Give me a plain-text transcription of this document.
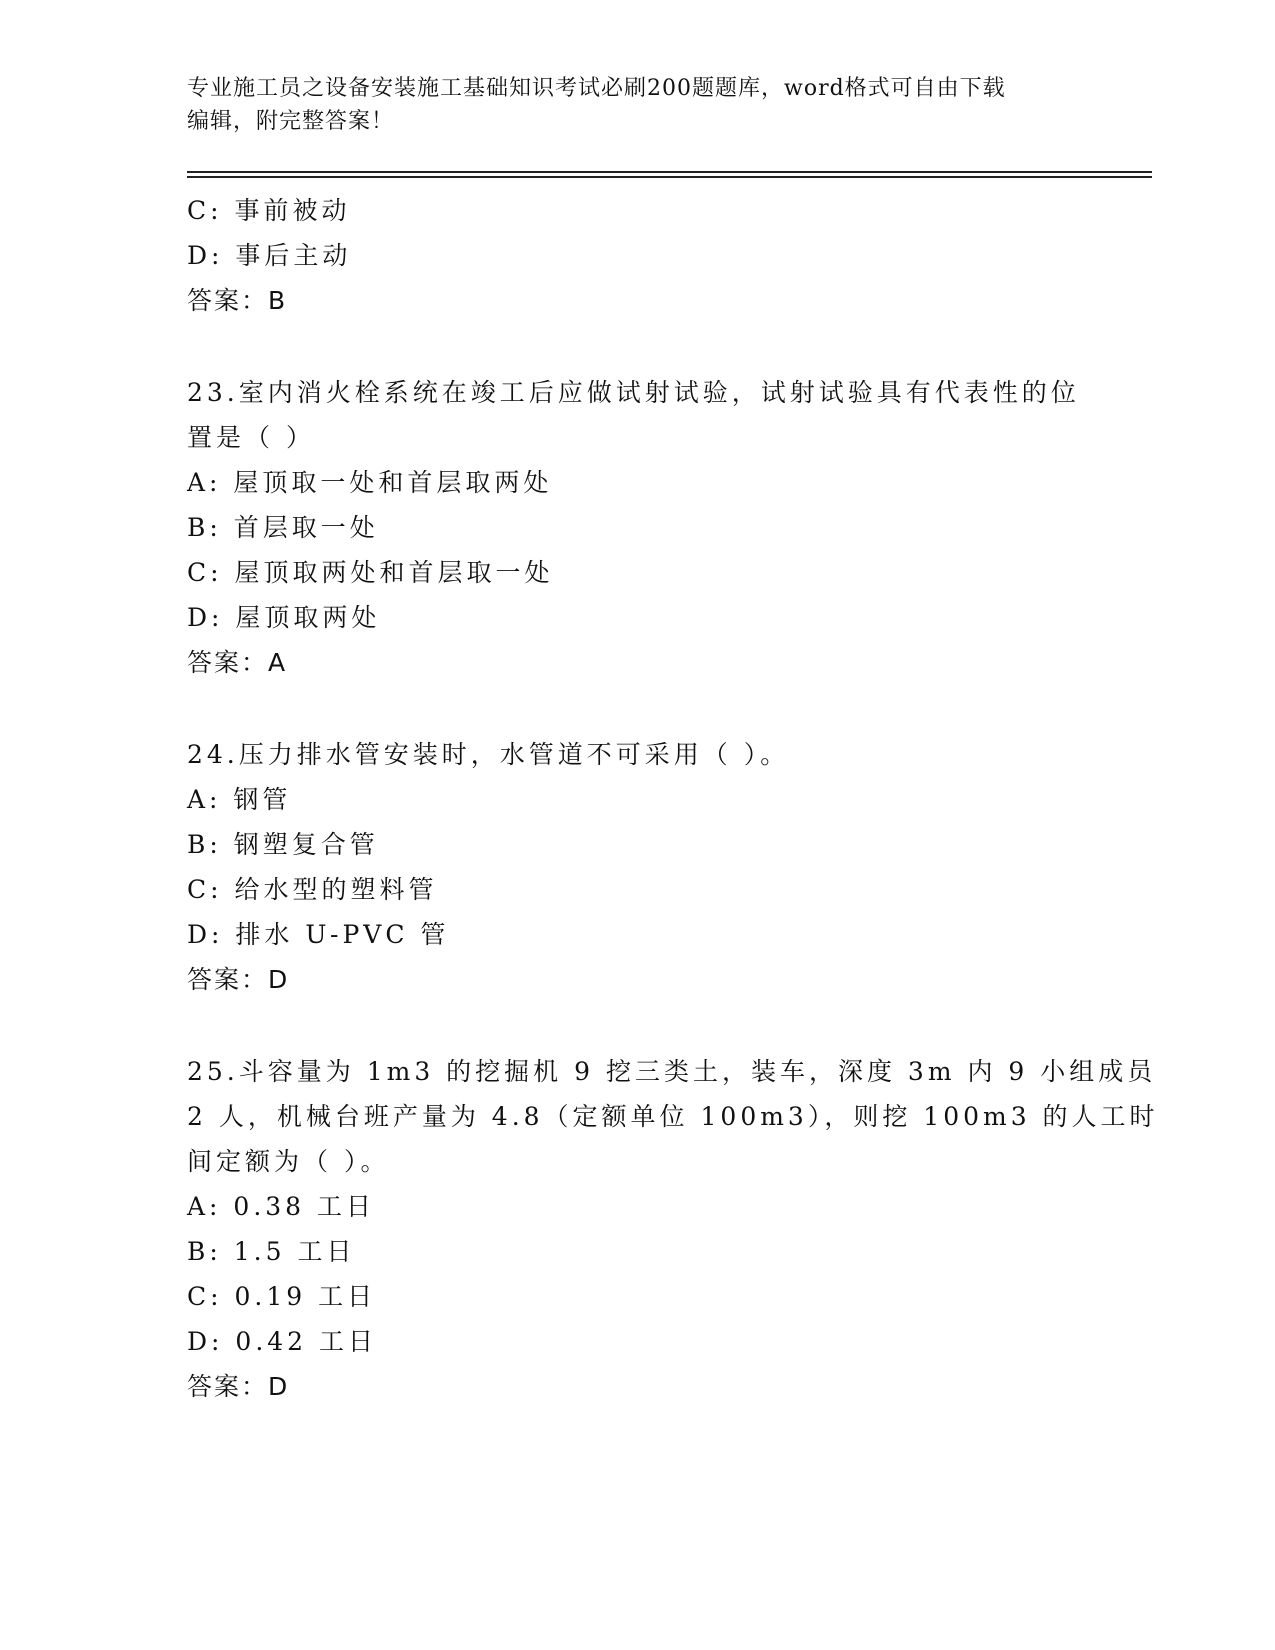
专业施工员之设备安装施工基础知识考试必刷200题题库，word格式可自由下载
编辑，附完整答案！
C: 事前被动
D: 事后主动
答案：B
23.室内消火栓系统在竣工后应做试射试验，试射试验具有代表性的位
置是（ ）
A: 屋顶取一处和首层取两处
B: 首层取一处
C: 屋顶取两处和首层取一处
D: 屋顶取两处
答案：A
24.压力排水管安装时，水管道不可采用（ ）。
A: 钢管
B: 钢塑复合管
C: 给水型的塑料管
D: 排水 U-PVC 管
答案：D
25.斗容量为 1m3 的挖掘机 9 挖三类土，装车，深度 3m 内 9 小组成员
2 人，机械台班产量为 4.8（定额单位 100m3），则挖 100m3 的人工时
间定额为（ ）。
A: 0.38 工日
B: 1.5 工日
C: 0.19 工日
D: 0.42 工日
答案：D
